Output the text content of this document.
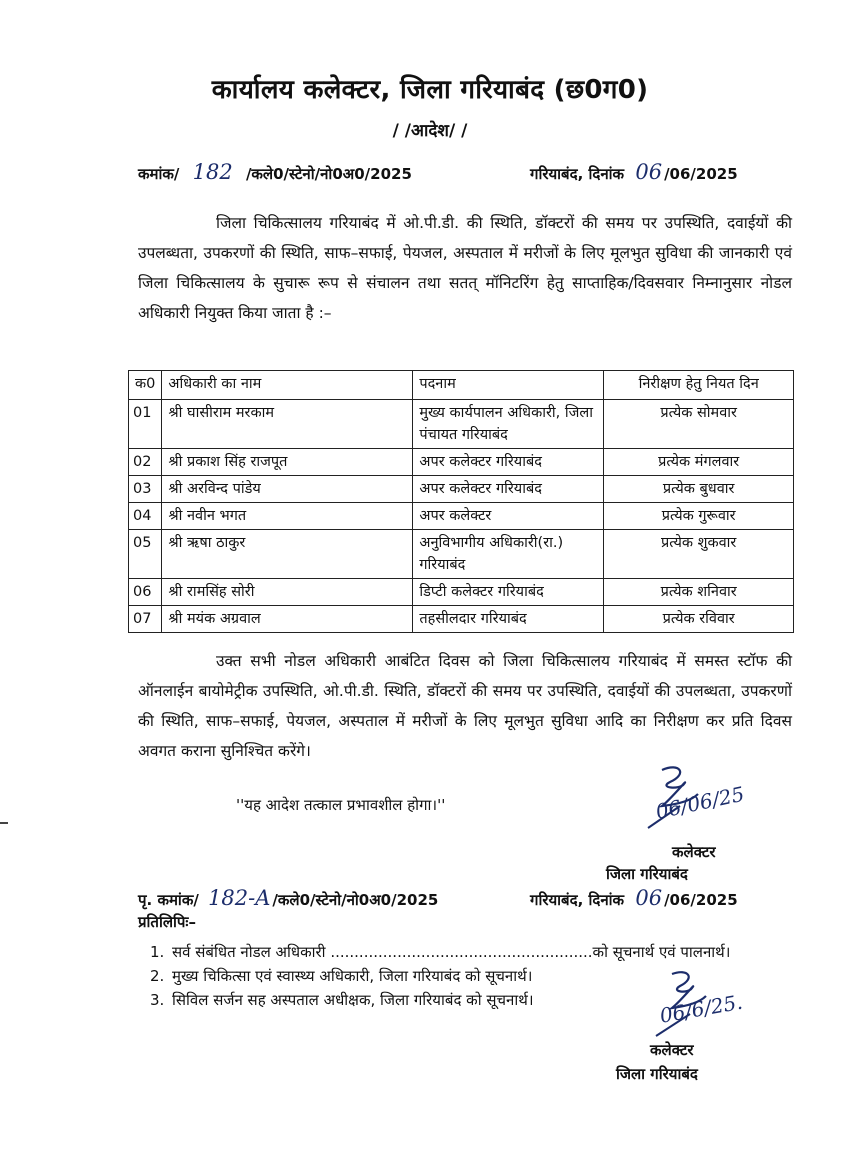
कार्यालय कलेक्टर, जिला गरियाबंद (छ0ग0)
/ /आदेश/ /
कमांक/ 182 /कले0/स्टेनो/नो0अ0/2025	गरियाबंद, दिनांक 06 /06/2025
जिला चिकित्सालय गरियाबंद में ओ.पी.डी. की स्थिति, डॉक्टरों की समय पर उपस्थिति, दवाईयों की उपलब्धता, उपकरणों की स्थिति, साफ–सफाई, पेयजल, अस्पताल में मरीजों के लिए मूलभुत सुविधा की जानकारी एवं जिला चिकित्सालय के सुचारू रूप से संचालन तथा सतत् मॉनिटरिंग हेतु साप्ताहिक/दिवसवार निम्नानुसार नोडल अधिकारी नियुक्त किया जाता है :–
क0	अधिकारी का नाम	पदनाम	निरीक्षण हेतु नियत दिन
01	श्री घासीराम मरकाम	मुख्य कार्यपालन अधिकारी, जिला पंचायत गरियाबंद	प्रत्येक सोमवार
02	श्री प्रकाश सिंह राजपूत	अपर कलेक्टर गरियाबंद	प्रत्येक मंगलवार
03	श्री अरविन्द पांडेय	अपर कलेक्टर गरियाबंद	प्रत्येक बुधवार
04	श्री नवीन भगत	अपर कलेक्टर	प्रत्येक गुरूवार
05	श्री ऋषा ठाकुर	अनुविभागीय अधिकारी(रा.) गरियाबंद	प्रत्येक शुकवार
06	श्री रामसिंह सोरी	डिप्टी कलेक्टर गरियाबंद	प्रत्येक शनिवार
07	श्री मयंक अग्रवाल	तहसीलदार गरियाबंद	प्रत्येक रविवार
उक्त सभी नोडल अधिकारी आबंटित दिवस को जिला चिकित्सालय गरियाबंद में समस्त स्टॉफ की ऑनलाईन बायोमेट्रीक उपस्थिति, ओ.पी.डी. स्थिति, डॉक्टरों की समय पर उपस्थिति, दवाईयों की उपलब्धता, उपकरणों की स्थिति, साफ–सफाई, पेयजल, अस्पताल में मरीजों के लिए मूलभुत सुविधा आदि का निरीक्षण कर प्रति दिवस अवगत कराना सुनिश्चित करेंगे।
''यह आदेश तत्काल प्रभावशील होगा।''	06/06/25
कलेक्टर
जिला गरियाबंद
पृ. कमांक/ 182-A /कले0/स्टेनो/नो0अ0/2025	गरियाबंद, दिनांक 06 /06/2025
प्रतिलिपिः–
1. सर्व संबंधित नोडल अधिकारी .......................................................को सूचनार्थ एवं पालनार्थ।
2. मुख्य चिकित्सा एवं स्वास्थ्य अधिकारी, जिला गरियाबंद को सूचनार्थ।
3. सिविल सर्जन सह अस्पताल अधीक्षक, जिला गरियाबंद को सूचनार्थ।	06/6/25.
कलेक्टर
जिला गरियाबंद
